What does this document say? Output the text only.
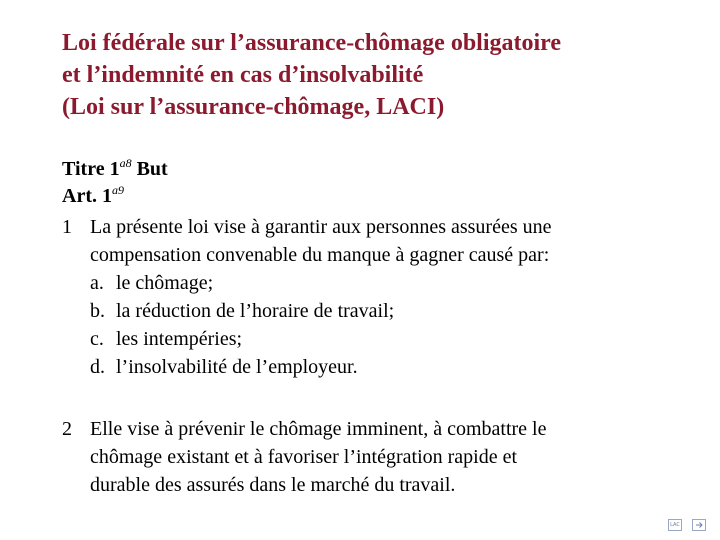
Loi fédérale sur l’assurance-chômage obligatoire
et l’indemnité en cas d’insolvabilité
(Loi sur l’assurance-chômage, LACI)
Titre $1^{a8}$ But
Art. $1^{a9}$
1 La présente loi vise à garantir aux personnes assurées une
compensation convenable du manque à gagner causé par:
a. le chômage;
b. la réduction de l’horaire de travail;
c. les intempéries;
d. l’insolvabilité de l’employeur.
2 Elle vise à prévenir le chômage imminent, à combattre le
chômage existant et à favoriser l’intégration rapide et
durable des assurés dans le marché du travail.
LAC
